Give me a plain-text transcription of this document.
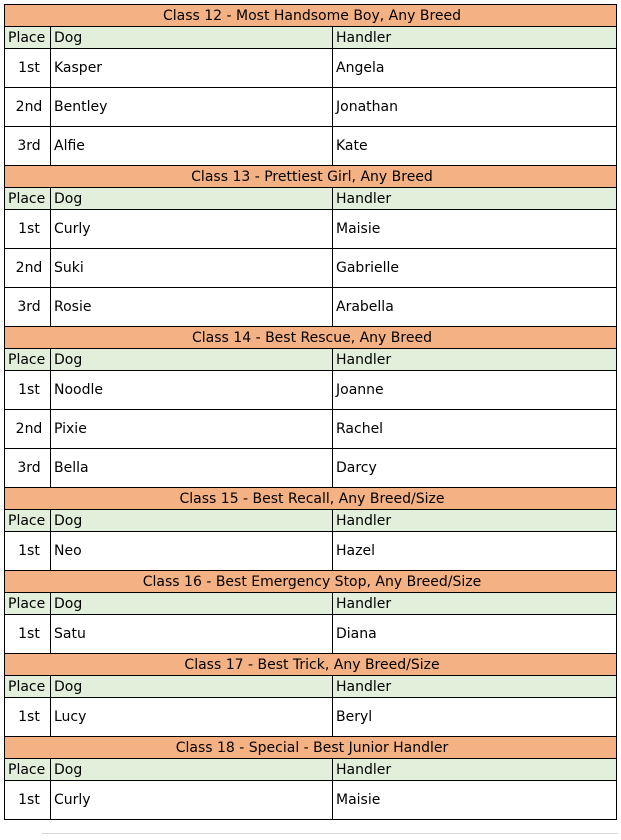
Class 12 - Most Handsome Boy, Any Breed		
Place	Dog	Handler
1st	Kasper	Angela
2nd	Bentley	Jonathan
3rd	Alfie	Kate
Class 13 - Prettiest Girl, Any Breed		
Place	Dog	Handler
1st	Curly	Maisie
2nd	Suki	Gabrielle
3rd	Rosie	Arabella
Class 14 - Best Rescue, Any Breed		
Place	Dog	Handler
1st	Noodle	Joanne
2nd	Pixie	Rachel
3rd	Bella	Darcy
Class 15 - Best Recall, Any Breed/Size		
Place	Dog	Handler
1st	Neo	Hazel
Class 16 - Best Emergency Stop, Any Breed/Size		
Place	Dog	Handler
1st	Satu	Diana
Class 17 - Best Trick, Any Breed/Size		
Place	Dog	Handler
1st	Lucy	Beryl
Class 18 - Special - Best Junior Handler		
Place	Dog	Handler
1st	Curly	Maisie
